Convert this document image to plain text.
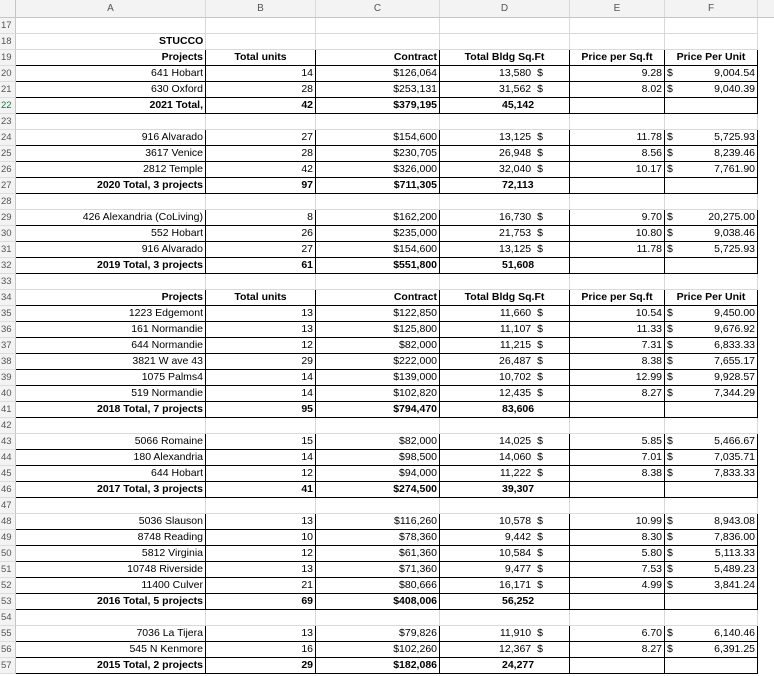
A	B	C	D	E	F
17
18	STUCCO
19	Projects	Total units	Contract	Total Bldg Sq.Ft	Price per Sq.ft	Price Per Unit
20	641 Hobart	14	$126,064	13,580 $	9.28 $	9,004.54
21	630 Oxford	28	$253,131	31,562 $	8.02 $	9,040.39
22	2021 Total,	42	$379,195	45,142
23
24	916 Alvarado	27	$154,600	13,125 $	11.78 $	5,725.93
25	3617 Venice	28	$230,705	26,948 $	8.56 $	8,239.46
26	2812 Temple	42	$326,000	32,040 $	10.17 $	7,761.90
27	2020 Total, 3 projects	97	$711,305	72,113
28
29	426 Alexandria (CoLiving)	8	$162,200	16,730 $	9.70 $	20,275.00
30	552 Hobart	26	$235,000	21,753 $	10.80 $	9,038.46
31	916 Alvarado	27	$154,600	13,125 $	11.78 $	5,725.93
32	2019 Total, 3 projects	61	$551,800	51,608
33
34	Projects	Total units	Contract	Total Bldg Sq.Ft	Price per Sq.ft	Price Per Unit
35	1223 Edgemont	13	$122,850	11,660 $	10.54 $	9,450.00
36	161 Normandie	13	$125,800	11,107 $	11.33 $	9,676.92
37	644 Normandie	12	$82,000	11,215 $	7.31 $	6,833.33
38	3821 W ave 43	29	$222,000	26,487 $	8.38 $	7,655.17
39	1075 Palms4	14	$139,000	10,702 $	12.99 $	9,928.57
40	519 Normandie	14	$102,820	12,435 $	8.27 $	7,344.29
41	2018 Total, 7 projects	95	$794,470	83,606
42
43	5066 Romaine	15	$82,000	14,025 $	5.85 $	5,466.67
44	180 Alexandria	14	$98,500	14,060 $	7.01 $	7,035.71
45	644 Hobart	12	$94,000	11,222 $	8.38 $	7,833.33
46	2017 Total, 3 projects	41	$274,500	39,307
47
48	5036 Slauson	13	$116,260	10,578 $	10.99 $	8,943.08
49	8748 Reading	10	$78,360	9,442 $	8.30 $	7,836.00
50	5812 Virginia	12	$61,360	10,584 $	5.80 $	5,113.33
51	10748 Riverside	13	$71,360	9,477 $	7.53 $	5,489.23
52	11400 Culver	21	$80,666	16,171 $	4.99 $	3,841.24
53	2016 Total, 5 projects	69	$408,006	56,252
54
55	7036 La Tijera	13	$79,826	11,910 $	6.70 $	6,140.46
56	545 N Kenmore	16	$102,260	12,367 $	8.27 $	6,391.25
57	2015 Total, 2 projects	29	$182,086	24,277
